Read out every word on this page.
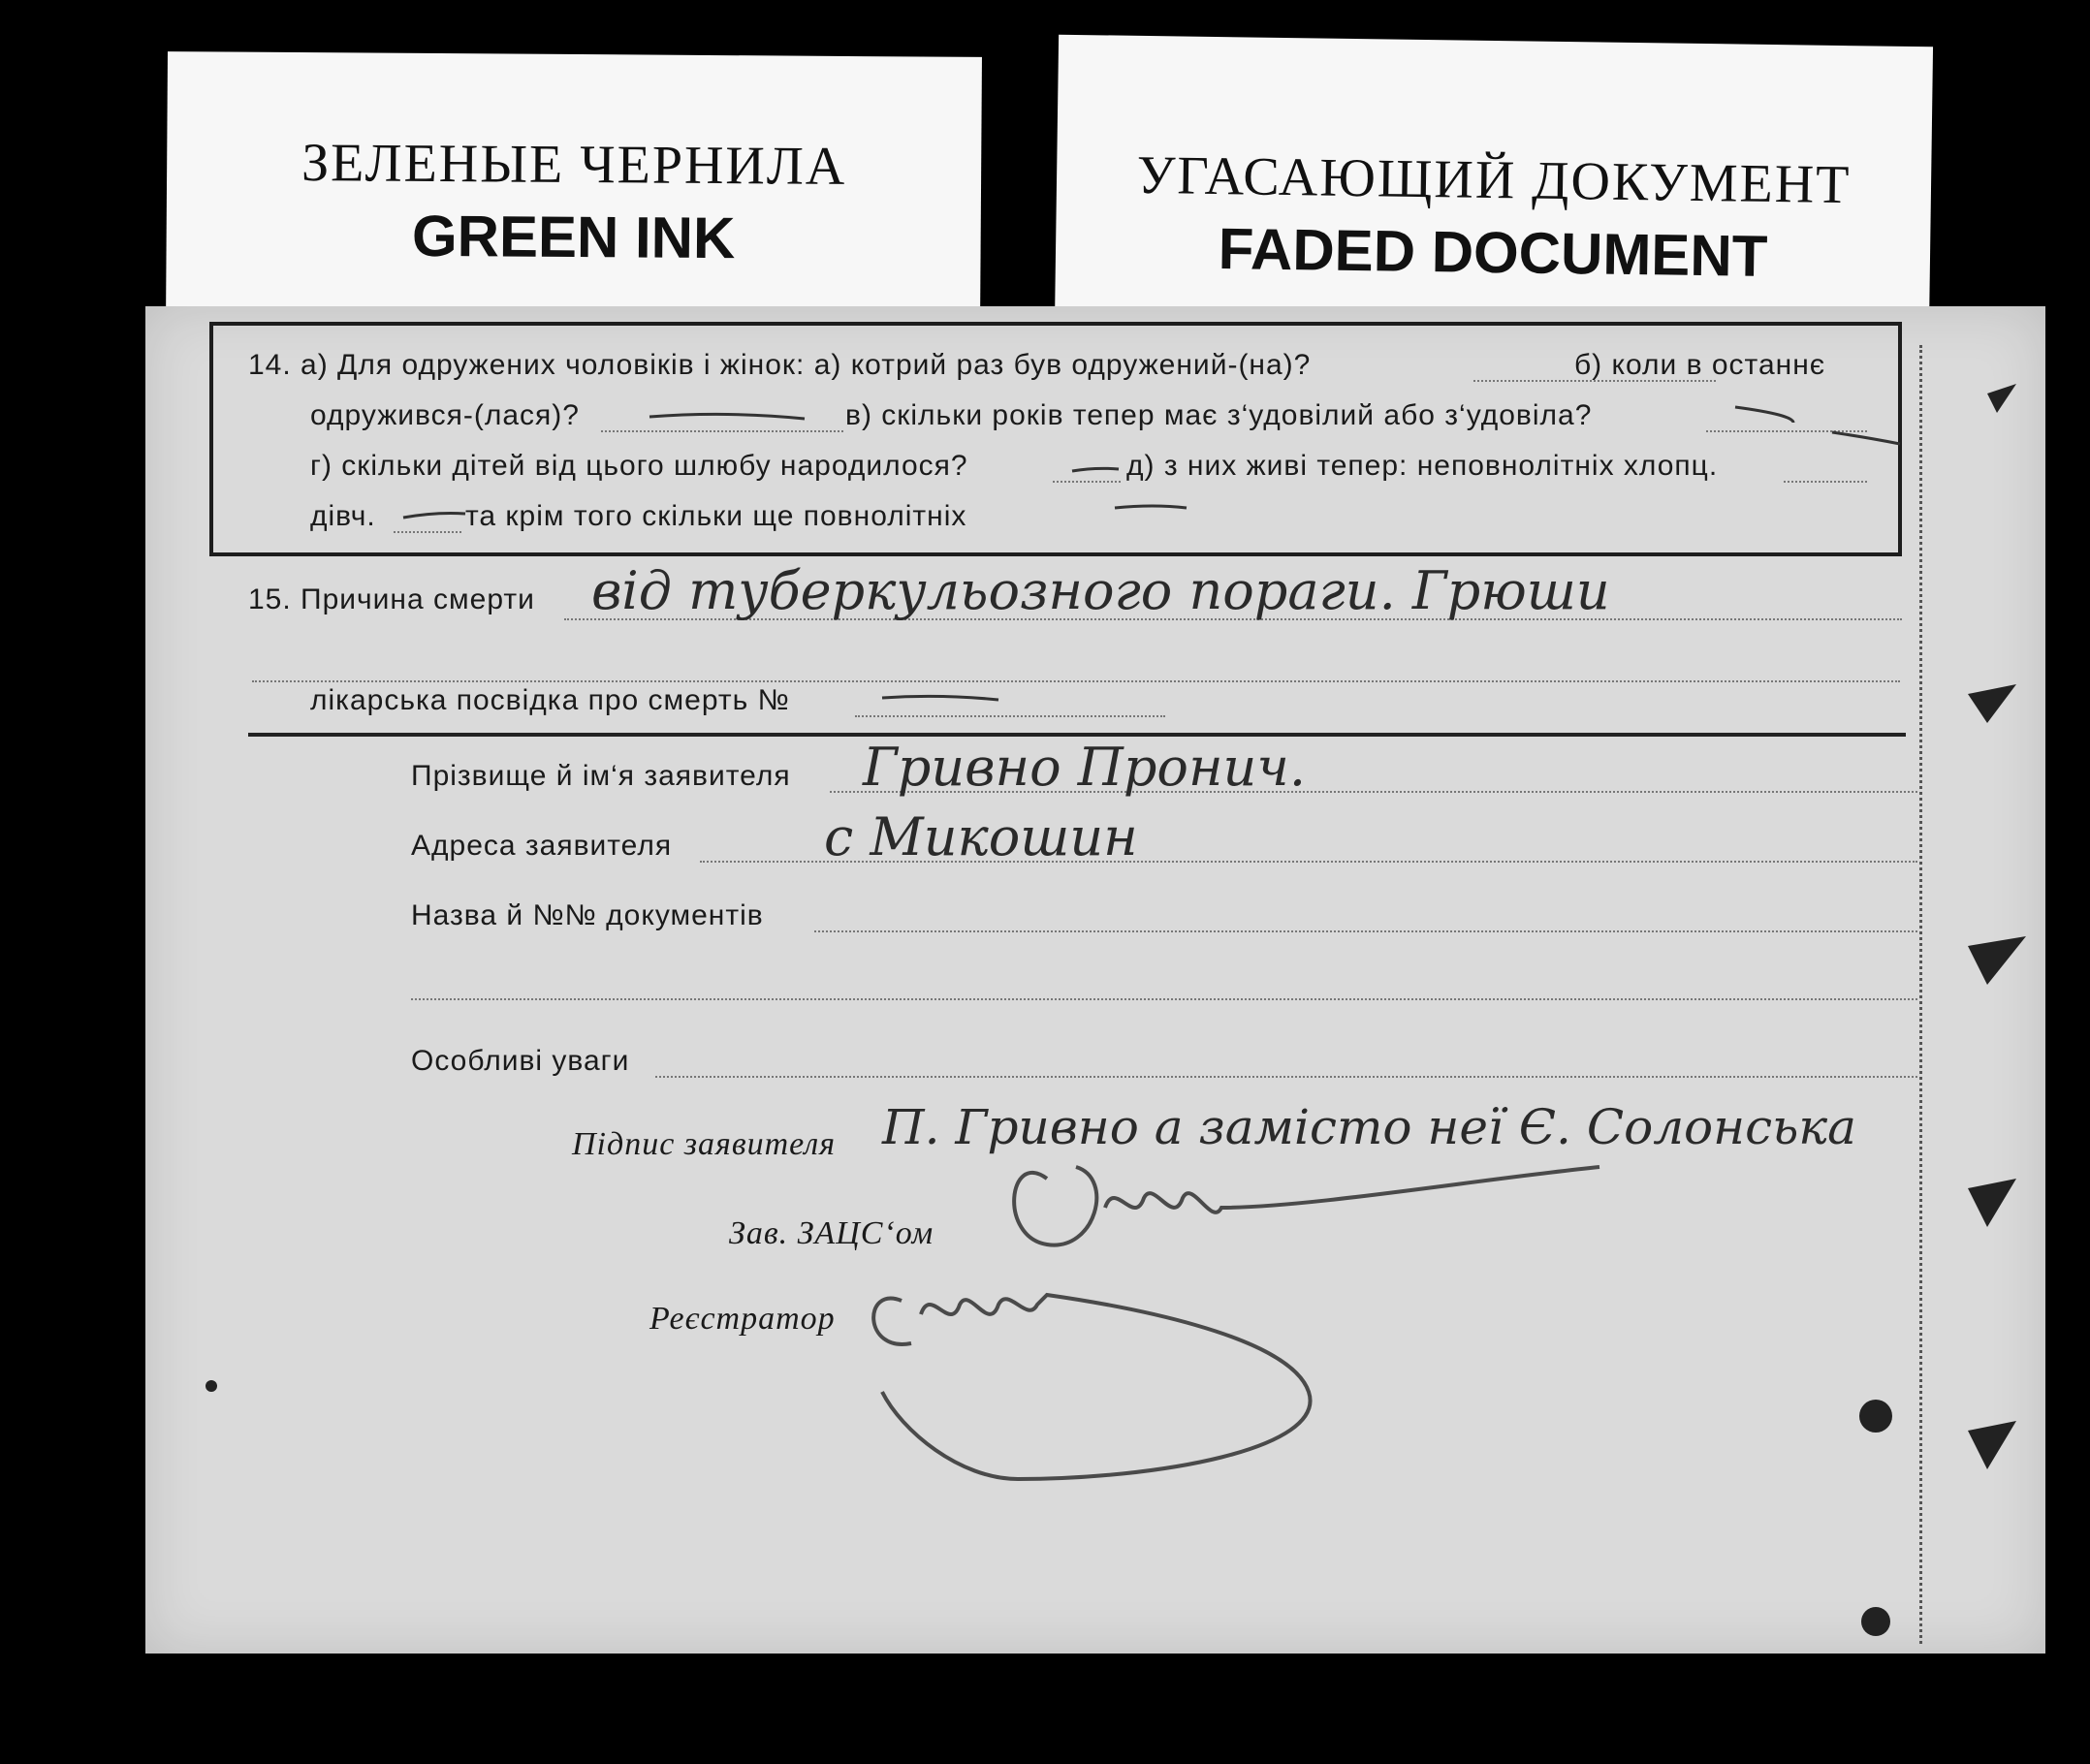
ЗЕЛЕНЫЕ ЧЕРНИЛА
GREEN INK
УГАСАЮЩИЙ ДОКУМЕНТ
FADED DOCUMENT
14. а) Для одружених чоловіків і жінок: а) котрий раз був одружений-(на)?	б) коли в останнє
одружився-(лася)?	в) скільки років тепер має з‘удовілий або з‘удовіла?
г) скільки дітей від цього шлюбу народилося?	д) з них живі тепер: неповнолітніх хлопц.
дівч.	та крім того скільки ще повнолітніх
15. Причина смерти від туберкульозного пораги. Грюши
лікарська посвідка про смерть №
Прізвище й ім‘я заявителя Гривно Пронич.
Адреса заявителя	с Микошин
Назва й №№ документів
Особливі уваги
Підпис заявителя П. Гривно а замісто неї Є. Солонська
Зав. ЗАЦС‘ом
Реєстратор
